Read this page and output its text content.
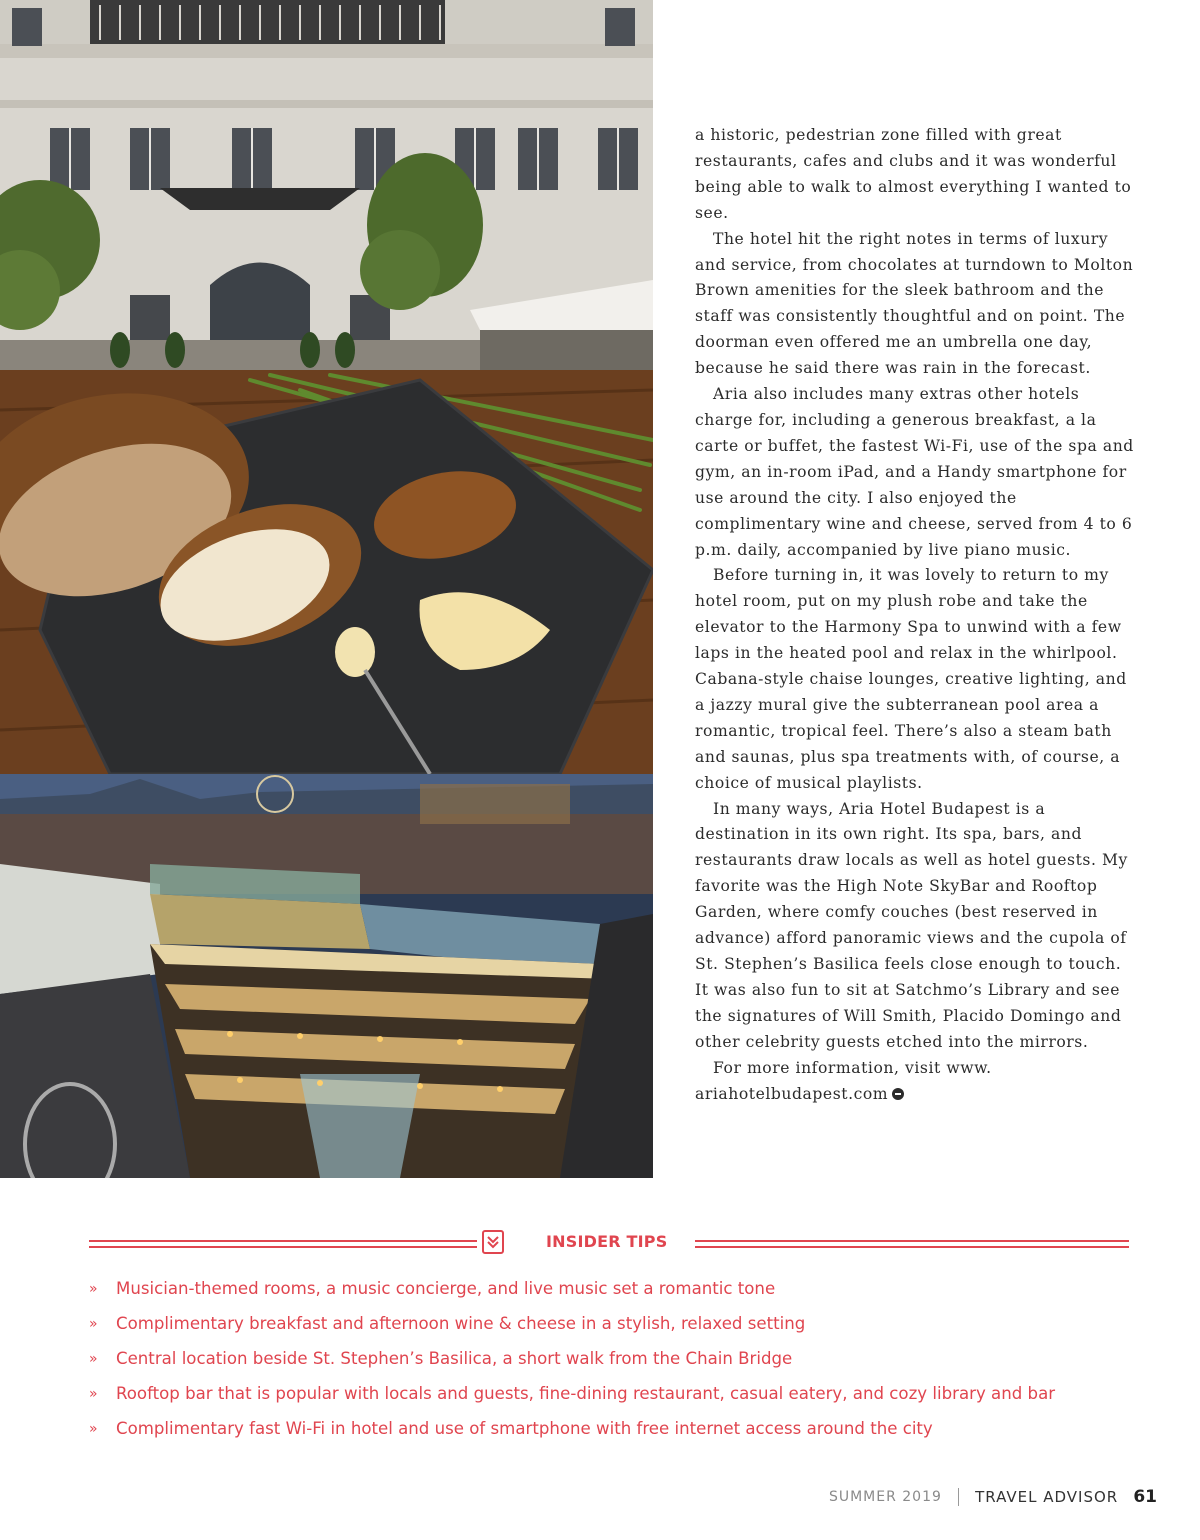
a historic, pedestrian zone filled with great restaurants, cafes and clubs and it was wonderful being able to walk to almost everything I wanted to see.

The hotel hit the right notes in terms of luxury and service, from chocolates at turndown to Molton Brown amenities for the sleek bathroom and the staff was consistently thoughtful and on point. The doorman even offered me an umbrella one day, because he said there was rain in the forecast.

Aria also includes many extras other hotels charge for, including a generous breakfast, a la carte or buffet, the fastest Wi-Fi, use of the spa and gym, an in-room iPad, and a Handy smartphone for use around the city. I also enjoyed the complimentary wine and cheese, served from 4 to 6 p.m. daily, accompanied by live piano music.

Before turning in, it was lovely to return to my hotel room, put on my plush robe and take the elevator to the Harmony Spa to unwind with a few laps in the heated pool and relax in the whirlpool. Cabana-style chaise lounges, creative lighting, and a jazzy mural give the subterranean pool area a romantic, tropical feel. There’s also a steam bath and saunas, plus spa treatments with, of course, a choice of musical playlists.

In many ways, Aria Hotel Budapest is a destination in its own right. Its spa, bars, and restaurants draw locals as well as hotel guests. My favorite was the High Note SkyBar and Rooftop Garden, where comfy couches (best reserved in advance) afford panoramic views and the cupola of St. Stephen’s Basilica feels close enough to touch. It was also fun to sit at Satchmo’s Library and see the signatures of Will Smith, Placido Domingo and other celebrity guests etched into the mirrors.

For more information, visit www. ariahotelbudapest.com

INSIDER TIPS
» Musician-themed rooms, a music concierge, and live music set a romantic tone
» Complimentary breakfast and afternoon wine & cheese in a stylish, relaxed setting
» Central location beside St. Stephen’s Basilica, a short walk from the Chain Bridge
» Rooftop bar that is popular with locals and guests, fine-dining restaurant, casual eatery, and cozy library and bar
» Complimentary fast Wi-Fi in hotel and use of smartphone with free internet access around the city
SUMMER 2019 TRAVEL ADVISOR 61
